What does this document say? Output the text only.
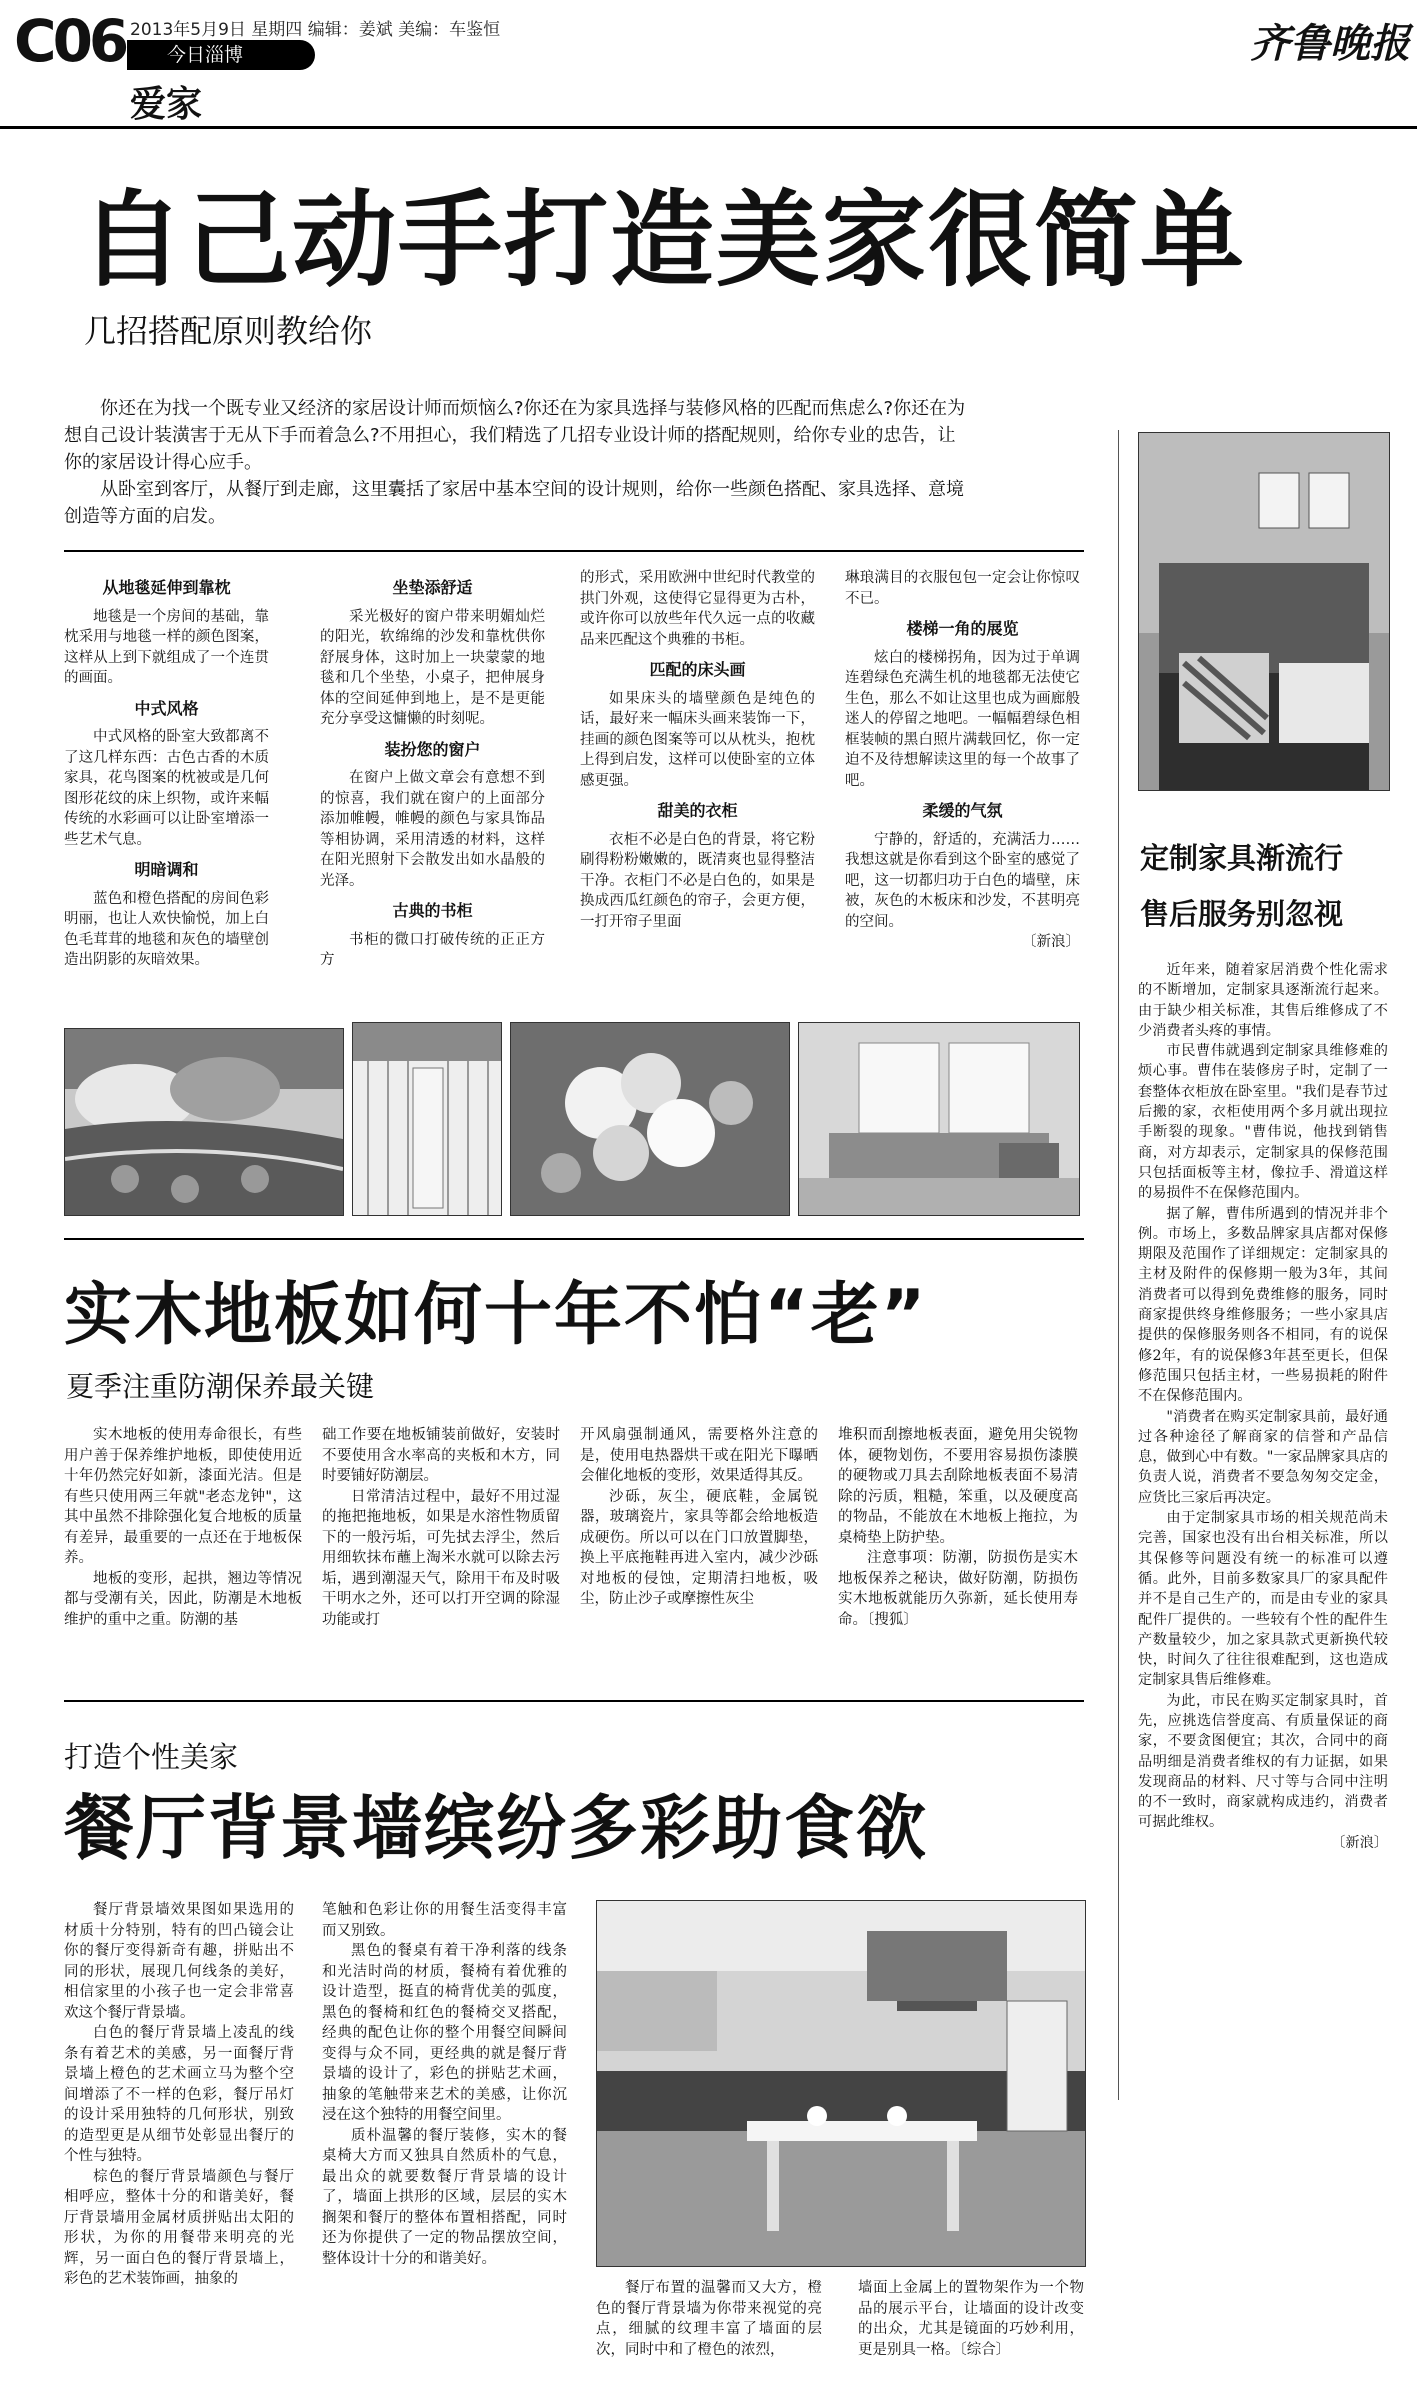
C06 2013年5月9日 星期四 编辑：姜斌 美编：车鉴恒
今日淄博
爱家
齐鲁晚报
自己动手打造美家很简单
几招搭配原则教给你

你还在为找一个既专业又经济的家居设计师而烦恼么?你还在为家具选择与装修风格的匹配而焦虑么?你还在为想自己设计装潢害于无从下手而着急么?不用担心，我们精选了几招专业设计师的搭配规则，给你专业的忠告，让你的家居设计得心应手。

从卧室到客厅，从餐厅到走廊，这里囊括了家居中基本空间的设计规则，给你一些颜色搭配、家具选择、意境创造等方面的启发。

从地毯延伸到靠枕

地毯是一个房间的基础，靠枕采用与地毯一样的颜色图案，这样从上到下就组成了一个连贯的画面。

中式风格

中式风格的卧室大致都离不了这几样东西：古色古香的木质家具，花鸟图案的枕被或是几何图形花纹的床上织物，或许来幅传统的水彩画可以让卧室增添一些艺术气息。

明暗调和

蓝色和橙色搭配的房间色彩明丽，也让人欢快愉悦，加上白色毛茸茸的地毯和灰色的墙壁创造出阴影的灰暗效果。

坐垫添舒适

采光极好的窗户带来明媚灿烂的阳光，软绵绵的沙发和靠枕供你舒展身体，这时加上一块蒙蒙的地毯和几个坐垫，小桌子，把伸展身体的空间延伸到地上，是不是更能充分享受这慵懒的时刻呢。

装扮您的窗户

在窗户上做文章会有意想不到的惊喜，我们就在窗户的上面部分添加帷幔，帷幔的颜色与家具饰品等相协调，采用清透的材料，这样在阳光照射下会散发出如水晶般的光泽。

古典的书柜

书柜的微口打破传统的正正方方

的形式，采用欧洲中世纪时代教堂的拱门外观，这使得它显得更为古朴，或许你可以放些年代久远一点的收藏品来匹配这个典雅的书柜。

匹配的床头画

如果床头的墙壁颜色是纯色的话，最好来一幅床头画来装饰一下，挂画的颜色图案等可以从枕头，抱枕上得到启发，这样可以使卧室的立体感更强。

甜美的衣柜

衣柜不必是白色的背景，将它粉刷得粉粉嫩嫩的，既清爽也显得整洁干净。衣柜门不必是白色的，如果是换成西瓜红颜色的帘子，会更方便，一打开帘子里面

琳琅满目的衣服包包一定会让你惊叹不已。

楼梯一角的展览

炫白的楼梯拐角，因为过于单调连碧绿色充满生机的地毯都无法使它生色，那么不如让这里也成为画廊般迷人的停留之地吧。一幅幅碧绿色相框装帧的黑白照片满载回忆，你一定迫不及待想解读这里的每一个故事了吧。

柔缓的气氛

宁静的，舒适的，充满活力……我想这就是你看到这个卧室的感觉了吧，这一切都归功于白色的墙壁，床被，灰色的木板床和沙发，不甚明亮的空间。

〔新浪〕

定制家具渐流行
售后服务别忽视

近年来，随着家居消费个性化需求的不断增加，定制家具逐渐流行起来。由于缺少相关标准，其售后维修成了不少消费者头疼的事情。

市民曹伟就遇到定制家具维修难的烦心事。曹伟在装修房子时，定制了一套整体衣柜放在卧室里。"我们是春节过后搬的家，衣柜使用两个多月就出现拉手断裂的现象。"曹伟说，他找到销售商，对方却表示，定制家具的保修范围只包括面板等主材，像拉手、滑道这样的易损件不在保修范围内。

据了解，曹伟所遇到的情况并非个例。市场上，多数品牌家具店都对保修期限及范围作了详细规定：定制家具的主材及附件的保修期一般为3年，其间消费者可以得到免费维修的服务，同时商家提供终身维修服务；一些小家具店提供的保修服务则各不相同，有的说保修2年，有的说保修3年甚至更长，但保修范围只包括主材，一些易损耗的附件不在保修范围内。

"消费者在购买定制家具前，最好通过各种途径了解商家的信誉和产品信息，做到心中有数。"一家品牌家具店的负责人说，消费者不要急匆匆交定金，应货比三家后再决定。

由于定制家具市场的相关规范尚未完善，国家也没有出台相关标准，所以其保修等问题没有统一的标准可以遵循。此外，目前多数家具厂的家具配件并不是自己生产的，而是由专业的家具配件厂提供的。一些较有个性的配件生产数量较少，加之家具款式更新换代较快，时间久了往往很难配到，这也造成定制家具售后维修难。

为此，市民在购买定制家具时，首先，应挑选信誉度高、有质量保证的商家，不要贪图便宜；其次，合同中的商品明细是消费者维权的有力证据，如果发现商品的材料、尺寸等与合同中注明的不一致时，商家就构成违约，消费者可据此维权。

〔新浪〕

实木地板如何十年不怕“老”
夏季注重防潮保养最关键

实木地板的使用寿命很长，有些用户善于保养维护地板，即使使用近十年仍然完好如新，漆面光洁。但是有些只使用两三年就"老态龙钟"，这其中虽然不排除强化复合地板的质量有差异，最重要的一点还在于地板保养。

地板的变形，起拱，翘边等情况都与受潮有关，因此，防潮是木地板维护的重中之重。防潮的基

础工作要在地板铺装前做好，安装时不要使用含水率高的夹板和木方，同时要铺好防潮层。

日常清洁过程中，最好不用过湿的拖把拖地板，如果是水溶性物质留下的一般污垢，可先拭去浮尘，然后用细软抹布蘸上淘米水就可以除去污垢，遇到潮湿天气，除用干布及时吸干明水之外，还可以打开空调的除湿功能或打

开风扇强制通风，需要格外注意的是，使用电热器烘干或在阳光下曝晒会催化地板的变形，效果适得其反。

沙砾，灰尘，硬底鞋，金属锐器，玻璃瓷片，家具等都会给地板造成硬伤。所以可以在门口放置脚垫，换上平底拖鞋再进入室内，减少沙砾对地板的侵蚀，定期清扫地板，吸尘，防止沙子或摩擦性灰尘

堆积而刮擦地板表面，避免用尖锐物体，硬物划伤，不要用容易损伤漆膜的硬物或刀具去刮除地板表面不易清除的污质，粗糙，笨重，以及硬度高的物品，不能放在木地板上拖拉，为桌椅垫上防护垫。

注意事项：防潮，防损伤是实木地板保养之秘诀，做好防潮，防损伤实木地板就能历久弥新，延长使用寿命。〔搜狐〕

打造个性美家
餐厅背景墙缤纷多彩助食欲

餐厅背景墙效果图如果选用的材质十分特别，特有的凹凸镜会让你的餐厅变得新奇有趣，拼贴出不同的形状，展现几何线条的美好，相信家里的小孩子也一定会非常喜欢这个餐厅背景墙。

白色的餐厅背景墙上凌乱的线条有着艺术的美感，另一面餐厅背景墙上橙色的艺术画立马为整个空间增添了不一样的色彩，餐厅吊灯的设计采用独特的几何形状，别致的造型更是从细节处彰显出餐厅的个性与独特。

棕色的餐厅背景墙颜色与餐厅相呼应，整体十分的和谐美好，餐厅背景墙用金属材质拼贴出太阳的形状，为你的用餐带来明亮的光辉，另一面白色的餐厅背景墙上，彩色的艺术装饰画，抽象的

笔触和色彩让你的用餐生活变得丰富而又别致。

黑色的餐桌有着干净利落的线条和光洁时尚的材质，餐椅有着优雅的设计造型，挺直的椅背优美的弧度，黑色的餐椅和红色的餐椅交叉搭配，经典的配色让你的整个用餐空间瞬间变得与众不同，更经典的就是餐厅背景墙的设计了，彩色的拼贴艺术画，抽象的笔触带来艺术的美感，让你沉浸在这个独特的用餐空间里。

质朴温馨的餐厅装修，实木的餐桌椅大方而又独具自然质朴的气息，最出众的就要数餐厅背景墙的设计了，墙面上拱形的区域，层层的实木搁架和餐厅的整体布置相搭配，同时还为你提供了一定的物品摆放空间，整体设计十分的和谐美好。

餐厅布置的温馨而又大方，橙色的餐厅背景墙为你带来视觉的亮点，细腻的纹理丰富了墙面的层次，同时中和了橙色的浓烈，

墙面上金属上的置物架作为一个物品的展示平台，让墙面的设计改变的出众，尤其是镜面的巧妙利用，更是别具一格。〔综合〕
